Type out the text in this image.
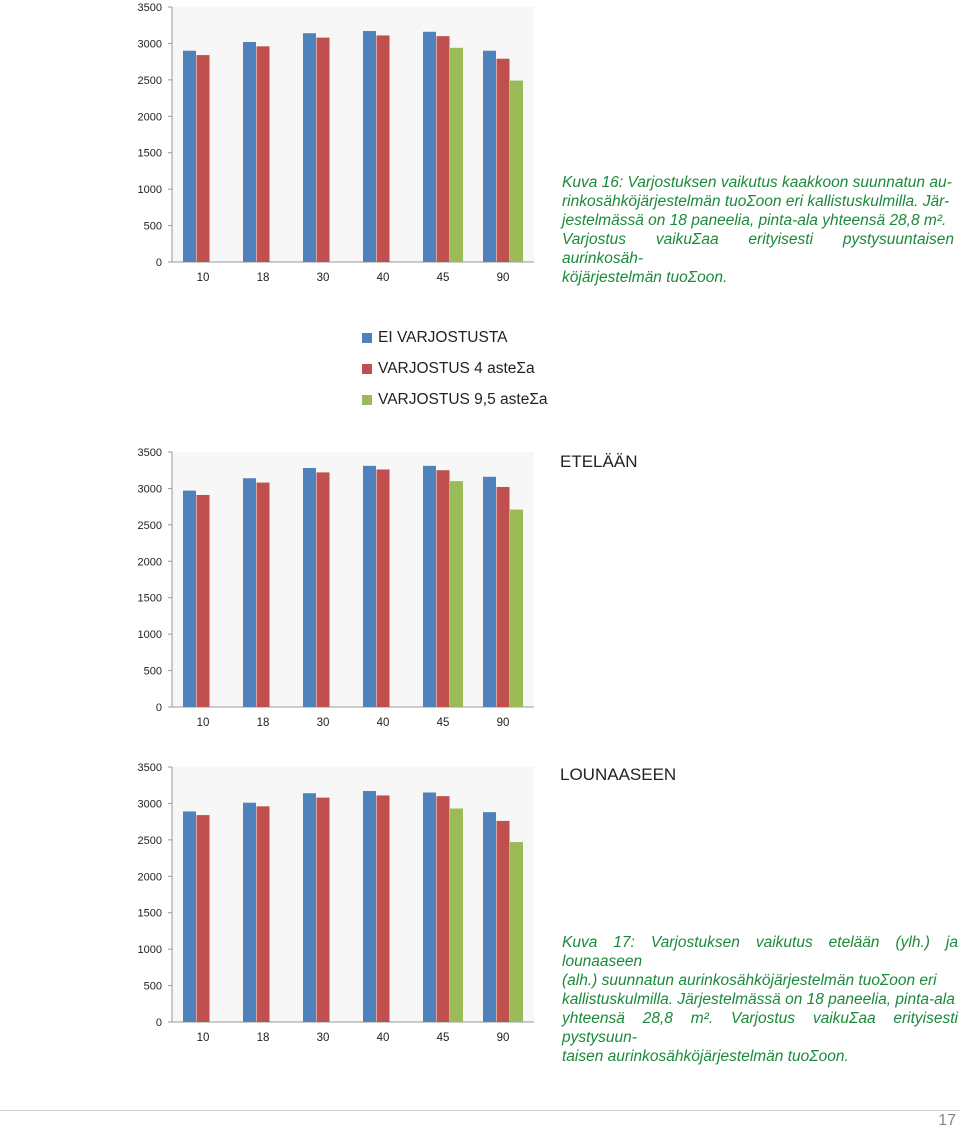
0
500
1000
1500
2000
2500
3000
3500
10	18	30	40	45	90
Kuva 16: Varjostuksen vaikutus kaakkoon suunnatun au-
rinkosähköjärjestelmän tuoƩoon eri kallistuskulmilla. Jär-
jestelmässä on 18 paneelia, pinta-ala yhteensä 28,8 m².
Varjostus vaikuƩaa erityisesti pystysuuntaisen aurinkosäh-
köjärjestelmän tuoƩoon.
EI VARJOSTUSTA
VARJOSTUS 4 asteƩa
VARJOSTUS 9,5 asteƩa
0
500
1000
1500
2000
2500
3000
3500
10	18	30	40	45	90
ETELÄÄN
0
500
1000
1500
2000
2500
3000
3500
10	18	30	40	45	90
LOUNAASEEN
Kuva 17: Varjostuksen vaikutus etelään (ylh.) ja lounaaseen
(alh.) suunnatun aurinkosähköjärjestelmän tuoƩoon eri
kallistuskulmilla. Järjestelmässä on 18 paneelia, pinta-ala
yhteensä 28,8 m². Varjostus vaikuƩaa erityisesti pystysuun-
taisen aurinkosähköjärjestelmän tuoƩoon.
17
